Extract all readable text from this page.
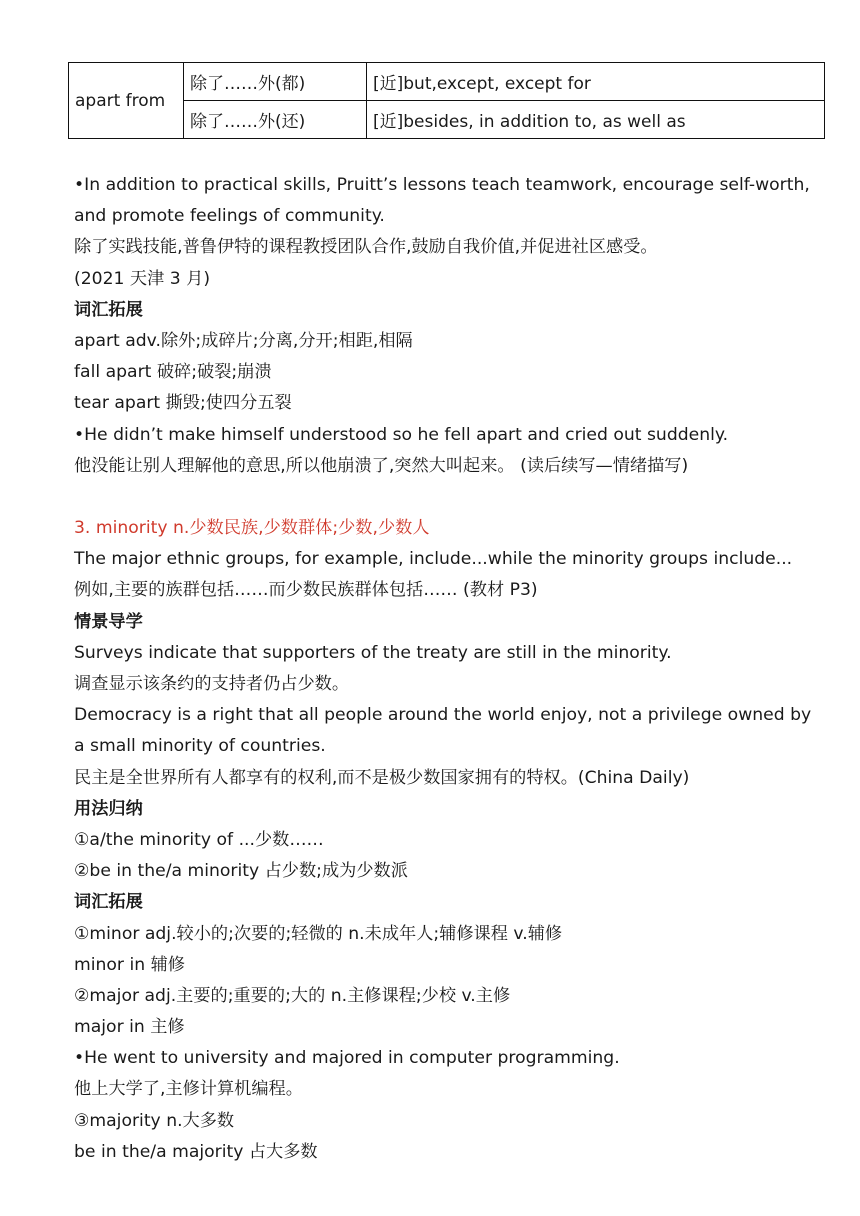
apart from	除了……外(都)	[近]but,except, except for
	除了……外(还)	[近]besides, in addition to, as well as
•In addition to practical skills, Pruitt’s lessons teach teamwork, encourage self-worth,
and promote feelings of community.
除了实践技能,普鲁伊特的课程教授团队合作,鼓励自我价值,并促进社区感受。
(2021 天津 3 月)
词汇拓展
apart adv.除外;成碎片;分离,分开;相距,相隔
fall apart 破碎;破裂;崩溃
tear apart 撕毁;使四分五裂
•He didn’t make himself understood so he fell apart and cried out suddenly.
他没能让别人理解他的意思,所以他崩溃了,突然大叫起来。 (读后续写—情绪描写)
3. minority n.少数民族,少数群体;少数,少数人
The major ethnic groups, for example, include...while the minority groups include...
例如,主要的族群包括……而少数民族群体包括…… (教材 P3)
情景导学
Surveys indicate that supporters of the treaty are still in the minority.
调查显示该条约的支持者仍占少数。
Democracy is a right that all people around the world enjoy, not a privilege owned by
a small minority of countries.
民主是全世界所有人都享有的权利,而不是极少数国家拥有的特权。(China Daily)
用法归纳
①a/the minority of ...少数……
②be in the/a minority 占少数;成为少数派
词汇拓展
①minor adj.较小的;次要的;轻微的 n.未成年人;辅修课程 v.辅修
minor in 辅修
②major adj.主要的;重要的;大的 n.主修课程;少校 v.主修
major in 主修
•He went to university and majored in computer programming.
他上大学了,主修计算机编程。
③majority n.大多数
be in the/a majority 占大多数
